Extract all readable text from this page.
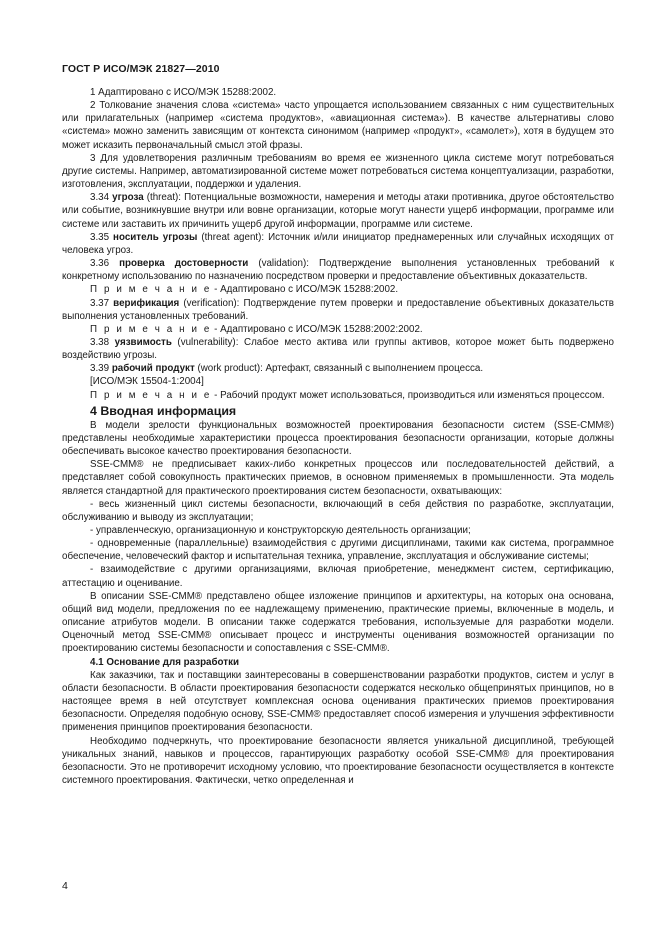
ГОСТ Р ИСО/МЭК 21827—2010

1 Адаптировано с ИСО/МЭК 15288:2002.

2 Толкование значения слова «система» часто упрощается использованием связанных с ним существительных или прилагательных (например «система продуктов», «авиационная система»). В качестве альтернативы слово «система» можно заменить зависящим от контекста синонимом (например «продукт», «самолет»), хотя в будущем это может исказить первоначальный смысл этой фразы.

3 Для удовлетворения различным требованиям во время ее жизненного цикла системе могут потребоваться другие системы. Например, автоматизированной системе может потребоваться система концептуализации, разработки, изготовления, эксплуатации, поддержки и удаления.

3.34 угроза (threat): Потенциальные возможности, намерения и методы атаки противника, другое обстоятельство или событие, возникнувшие внутри или вовне организации, которые могут нанести ущерб информации, программе или системе или заставить их причинить ущерб другой информации, программе или системе.

3.35 носитель угрозы (threat agent): Источник и/или инициатор преднамеренных или случайных исходящих от человека угроз.

3.36 проверка достоверности (validation): Подтверждение выполнения установленных требований к конкретному использованию по назначению посредством проверки и предоставление объективных доказательств.

П р и м е ч а н и е - Адаптировано с ИСО/МЭК 15288:2002.

3.37 верификация (verification): Подтверждение путем проверки и предоставление объективных доказательств выполнения установленных требований.

П р и м е ч а н и е - Адаптировано с ИСО/МЭК 15288:2002:2002.

3.38 уязвимость (vulnerability): Слабое место актива или группы активов, которое может быть подвержено воздействию угрозы.

3.39 рабочий продукт (work product): Артефакт, связанный с выполнением процесса.

[ИСО/МЭК 15504-1:2004]

П р и м е ч а н и е - Рабочий продукт может использоваться, производиться или изменяться процессом.

4 Вводная информация

В модели зрелости функциональных возможностей проектирования безопасности систем (SSE-CMM®) представлены необходимые характеристики процесса проектирования безопасности организации, которые должны обеспечивать высокое качество проектирования безопасности.

SSE-CMM® не предписывает каких-либо конкретных процессов или последовательностей действий, а представляет собой совокупность практических приемов, в основном применяемых в промышленности. Эта модель является стандартной для практического проектирования систем безопасности, охватывающих:

- весь жизненный цикл системы безопасности, включающий в себя действия по разработке, эксплуатации, обслуживанию и выводу из эксплуатации;

- управленческую, организационную и конструкторскую деятельность организации;

- одновременные (параллельные) взаимодействия с другими дисциплинами, такими как система, программное обеспечение, человеческий фактор и испытательная техника, управление, эксплуатация и обслуживание системы;

- взаимодействие с другими организациями, включая приобретение, менеджмент систем, сертификацию, аттестацию и оценивание.

В описании SSE-CMM® представлено общее изложение принципов и архитектуры, на которых она основана, общий вид модели, предложения по ее надлежащему применению, практические приемы, включенные в модель, и описание атрибутов модели. В описании также содержатся требования, используемые для разработки модели. Оценочный метод SSE-CMM® описывает процесс и инструменты оценивания возможностей организации по проектированию системы безопасности и сопоставления с SSE-CMM®.

4.1 Основание для разработки

Как заказчики, так и поставщики заинтересованы в совершенствовании разработки продуктов, систем и услуг в области безопасности. В области проектирования безопасности содержатся несколько общепринятых принципов, но в настоящее время в ней отсутствует комплексная основа оценивания практических приемов проектирования безопасности. Определяя подобную основу, SSE-CMM® предоставляет способ измерения и улучшения эффективности применения принципов проектирования безопасности.

Необходимо подчеркнуть, что проектирование безопасности является уникальной дисциплиной, требующей уникальных знаний, навыков и процессов, гарантирующих разработку особой SSE-CMM® для проектирования безопасности. Это не противоречит исходному условию, что проектирование безопасности осуществляется в контексте системного проектирования. Фактически, четко определенная и

4
